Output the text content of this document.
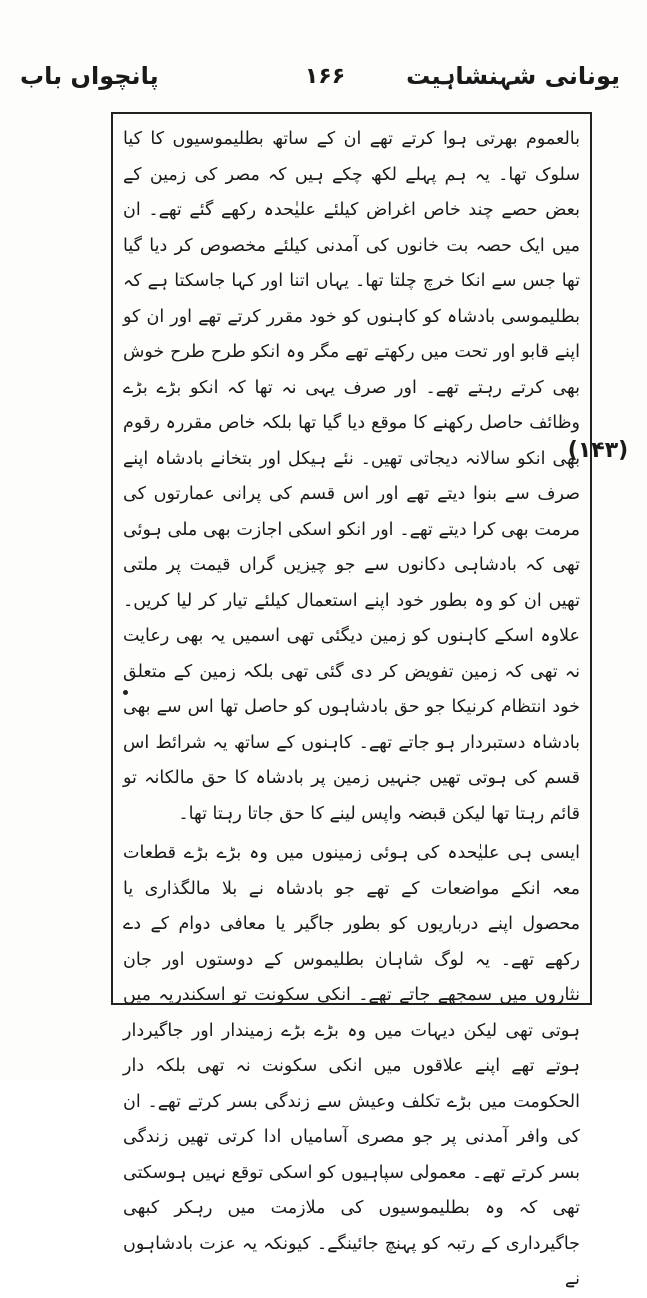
یونانی شہنشاہیت
۱۶۶
پانچواں باب

بالعموم بھرتی ہوا کرتے تھے ان کے ساتھ بطلیموسیوں کا کیا سلوک تھا۔ یہ ہم پہلے لکھ چکے ہیں کہ مصر کی زمین کے بعض حصے چند خاص اغراض کیلئے علیٰحدہ رکھے گئے تھے۔ ان میں ایک حصہ بت خانوں کی آمدنی کیلئے مخصوص کر دیا گیا تھا جس سے انکا خرچ چلتا تھا۔ یہاں اتنا اور کہا جاسکتا ہے کہ بطلیموسی بادشاہ کو کاہنوں کو خود مقرر کرتے تھے اور ان کو اپنے قابو اور تحت میں رکھتے تھے مگر وہ انکو طرح طرح خوش بھی کرتے رہتے تھے۔ اور صرف یہی نہ تھا کہ انکو بڑے بڑے وظائف حاصل رکھنے کا موقع دیا گیا تھا بلکہ خاص مقررہ رقوم بھی انکو سالانہ دیجاتی تھیں۔ نئے ہیکل اور بتخانے بادشاہ اپنے صرف سے بنوا دیتے تھے اور اس قسم کی پرانی عمارتوں کی مرمت بھی کرا دیتے تھے۔ اور انکو اسکی اجازت بھی ملی ہوئی تھی کہ بادشاہی دکانوں سے جو چیزیں گراں قیمت پر ملتی تھیں ان کو وہ بطور خود اپنے استعمال کیلئے تیار کر لیا کریں۔ علاوہ اسکے کاہنوں کو زمین دیگئی تھی اسمیں یہ بھی رعایت نہ تھی کہ زمین تفویض کر دی گئی تھی بلکہ زمین کے متعلق خود انتظام کرنیکا جو حق بادشاہوں کو حاصل تھا اس سے بھی بادشاہ دستبردار ہو جاتے تھے۔ کاہنوں کے ساتھ یہ شرائط اس قسم کی ہوتی تھیں جنہیں زمین پر بادشاہ کا حق مالکانہ تو قائم رہتا تھا لیکن قبضہ واپس لینے کا حق جاتا رہتا تھا۔

ایسی ہی علیٰحدہ کی ہوئی زمینوں میں وہ بڑے بڑے قطعات معہ انکے مواضعات کے تھے جو بادشاہ نے بلا مالگذاری یا محصول اپنے درباریوں کو بطور جاگیر یا معافی دوام کے دے رکھے تھے۔ یہ لوگ شاہان بطلیموس کے دوستوں اور جان نثاروں میں سمجھے جاتے تھے۔ انکی سکونت تو اسکندریہ میں ہوتی تھی لیکن دیہات میں وہ بڑے بڑے زمیندار اور جاگیردار ہوتے تھے اپنے علاقوں میں انکی سکونت نہ تھی بلکہ دار الحکومت میں بڑے تکلف وعیش سے زندگی بسر کرتے تھے۔ ان کی وافر آمدنی پر جو مصری آسامیاں ادا کرتی تھیں زندگی بسر کرتے تھے۔ معمولی سپاہیوں کو اسکی توقع نہیں ہوسکتی تھی کہ وہ بطلیموسیوں کی ملازمت میں رہکر کبھی جاگیرداری کے رتبہ کو پہنچ جائینگے۔ کیونکہ یہ عزت بادشاہوں نے

(۱۴۳)
